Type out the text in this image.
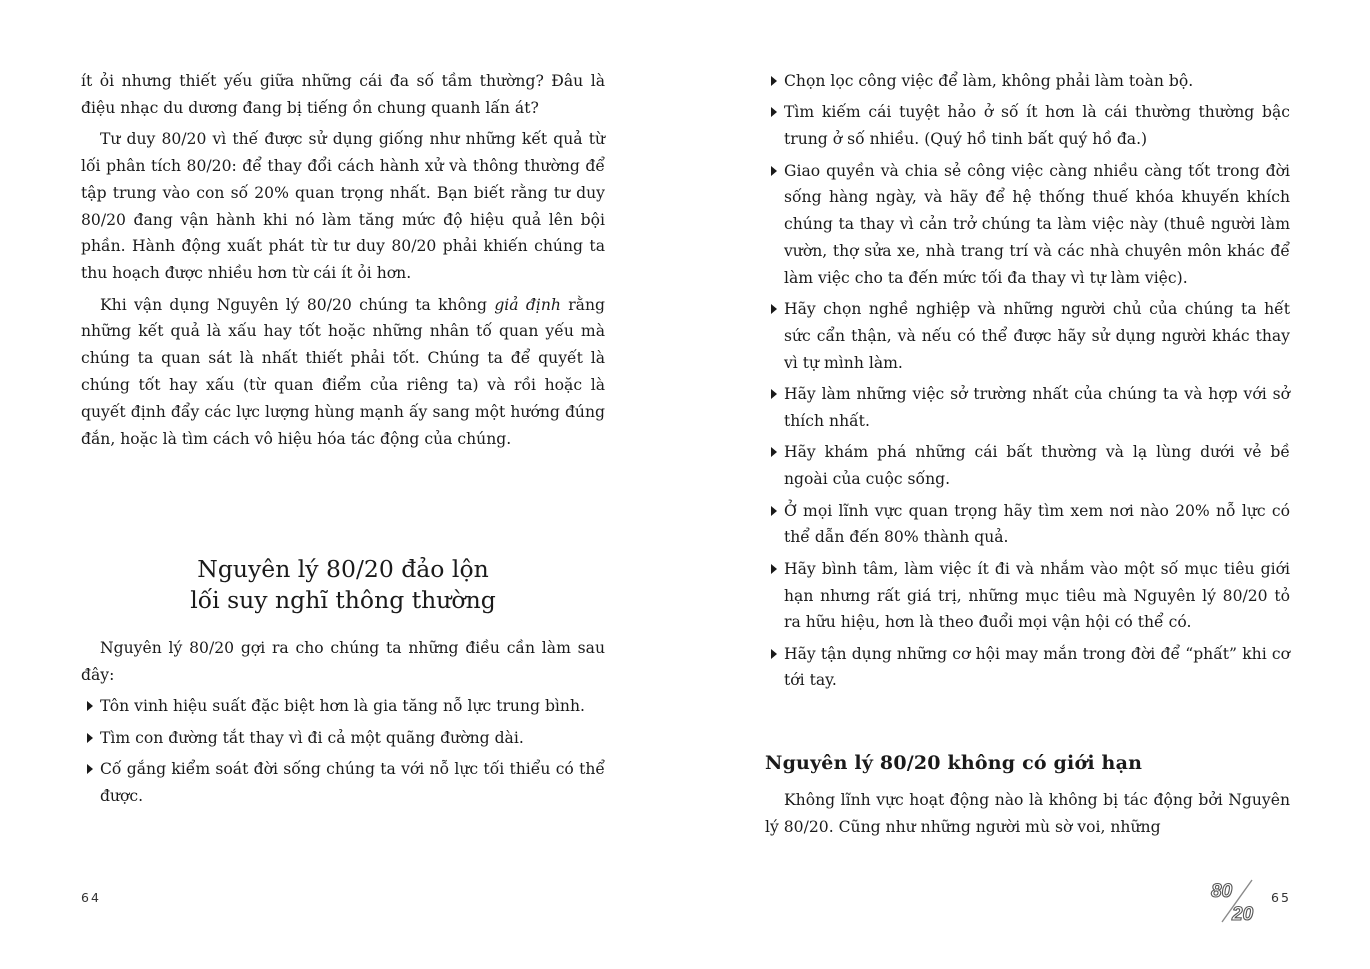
ít ỏi nhưng thiết yếu giữa những cái đa số tầm thường? Đâu là điệu nhạc du dương đang bị tiếng ồn chung quanh lấn át?

Tư duy 80/20 vì thế được sử dụng giống như những kết quả từ lối phân tích 80/20: để thay đổi cách hành xử và thông thường để tập trung vào con số 20% quan trọng nhất. Bạn biết rằng tư duy 80/20 đang vận hành khi nó làm tăng mức độ hiệu quả lên bội phần. Hành động xuất phát từ tư duy 80/20 phải khiến chúng ta thu hoạch được nhiều hơn từ cái ít ỏi hơn.

Khi vận dụng Nguyên lý 80/20 chúng ta không giả định rằng những kết quả là xấu hay tốt hoặc những nhân tố quan yếu mà chúng ta quan sát là nhất thiết phải tốt. Chúng ta để quyết là chúng tốt hay xấu (từ quan điểm của riêng ta) và rồi hoặc là quyết định đẩy các lực lượng hùng mạnh ấy sang một hướng đúng đắn, hoặc là tìm cách vô hiệu hóa tác động của chúng.

Nguyên lý 80/20 đảo lộn
lối suy nghĩ thông thường

Nguyên lý 80/20 gợi ra cho chúng ta những điều cần làm sau đây:

Tôn vinh hiệu suất đặc biệt hơn là gia tăng nỗ lực trung bình.

Tìm con đường tắt thay vì đi cả một quãng đường dài.

Cố gắng kiểm soát đời sống chúng ta với nỗ lực tối thiểu có thể được.

64

Chọn lọc công việc để làm, không phải làm toàn bộ.

Tìm kiếm cái tuyệt hảo ở số ít hơn là cái thường thường bậc trung ở số nhiều. (Quý hồ tinh bất quý hồ đa.)

Giao quyền và chia sẻ công việc càng nhiều càng tốt trong đời sống hàng ngày, và hãy để hệ thống thuế khóa khuyến khích chúng ta thay vì cản trở chúng ta làm việc này (thuê người làm vườn, thợ sửa xe, nhà trang trí và các nhà chuyên môn khác để làm việc cho ta đến mức tối đa thay vì tự làm việc).

Hãy chọn nghề nghiệp và những người chủ của chúng ta hết sức cẩn thận, và nếu có thể được hãy sử dụng người khác thay vì tự mình làm.

Hãy làm những việc sở trường nhất của chúng ta và hợp với sở thích nhất.

Hãy khám phá những cái bất thường và lạ lùng dưới vẻ bề ngoài của cuộc sống.

Ở mọi lĩnh vực quan trọng hãy tìm xem nơi nào 20% nỗ lực có thể dẫn đến 80% thành quả.

Hãy bình tâm, làm việc ít đi và nhắm vào một số mục tiêu giới hạn nhưng rất giá trị, những mục tiêu mà Nguyên lý 80/20 tỏ ra hữu hiệu, hơn là theo đuổi mọi vận hội có thể có.

Hãy tận dụng những cơ hội may mắn trong đời để “phất” khi cơ tới tay.

Nguyên lý 80/20 không có giới hạn

Không lĩnh vực hoạt động nào là không bị tác động bởi Nguyên lý 80/20. Cũng như những người mù sờ voi, những

65
80
20
